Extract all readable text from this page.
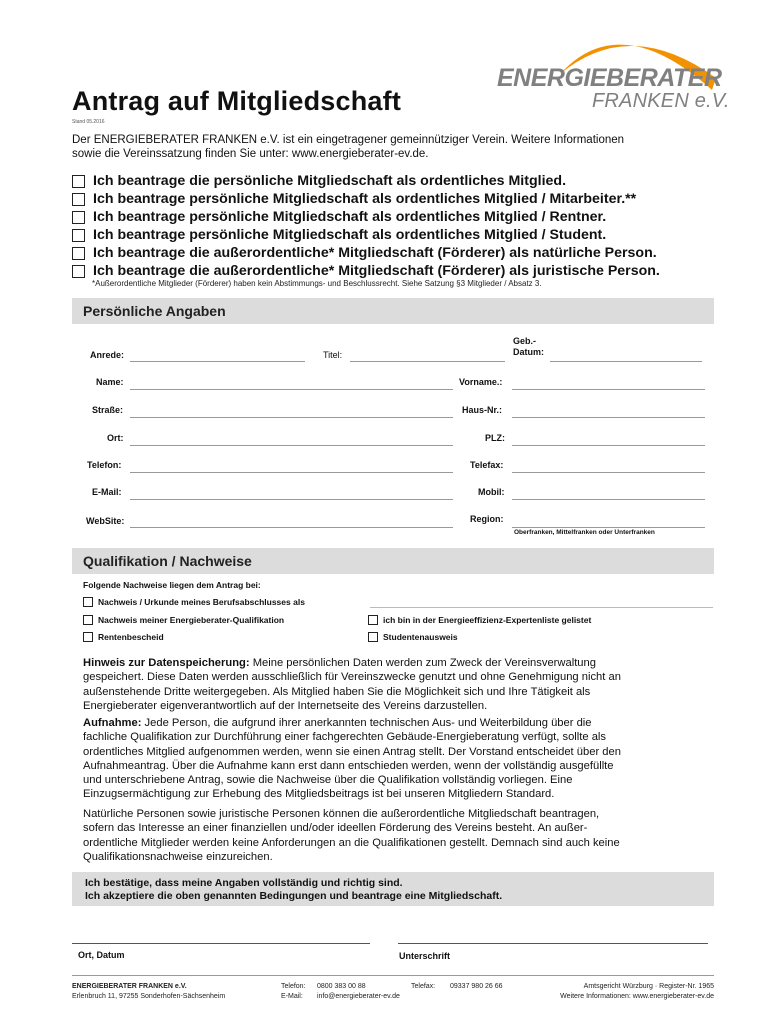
Antrag auf Mitgliedschaft
Stand 05.2016
ENERGIEBERATER
FRANKEN e.V.
Der ENERGIEBERATER FRANKEN e.V. ist ein eingetragener gemeinnütziger Verein. Weitere Informationen
sowie die Vereinssatzung finden Sie unter: www.energieberater-ev.de.
Ich beantrage die persönliche Mitgliedschaft als ordentliches Mitglied.
Ich beantrage persönliche Mitgliedschaft als ordentliches Mitglied / Mitarbeiter.**
Ich beantrage persönliche Mitgliedschaft als ordentliches Mitglied / Rentner.
Ich beantrage persönliche Mitgliedschaft als ordentliches Mitglied / Student.
Ich beantrage die außerordentliche* Mitgliedschaft (Förderer) als natürliche Person.
Ich beantrage die außerordentliche* Mitgliedschaft (Förderer) als juristische Person.
*Außerordentliche Mitglieder (Förderer) haben kein Abstimmungs- und Beschlussrecht. Siehe Satzung §3 Mitglieder / Absatz 3.
Persönliche Angaben
Anrede:	Titel:
Geb.-
Datum:
Name:	Vorname.:
Straße:	Haus-Nr.:
Ort:	PLZ:
Telefon:	Telefax:
E-Mail:	Mobil:
WebSite:	Region:
Oberfranken, Mittelfranken oder Unterfranken
Qualifikation / Nachweise
Folgende Nachweise liegen dem Antrag bei:
Nachweis / Urkunde meines Berufsabschlusses als
Nachweis meiner Energieberater-Qualifikation	ich bin in der Energieeffizienz-Expertenliste gelistet
Rentenbescheid	Studentenausweis
Hinweis zur Datenspeicherung: Meine persönlichen Daten werden zum Zweck der Vereinsverwaltung
gespeichert. Diese Daten werden ausschließlich für Vereinszwecke genutzt und ohne Genehmigung nicht an
außenstehende Dritte weitergegeben. Als Mitglied haben Sie die Möglichkeit sich und Ihre Tätigkeit als
Energieberater eigenverantwortlich auf der Internetseite des Vereins darzustellen.
Aufnahme: Jede Person, die aufgrund ihrer anerkannten technischen Aus- und Weiterbildung über die
fachliche Qualifikation zur Durchführung einer fachgerechten Gebäude-Energieberatung verfügt, sollte als
ordentliches Mitglied aufgenommen werden, wenn sie einen Antrag stellt. Der Vorstand entscheidet über den
Aufnahmeantrag. Über die Aufnahme kann erst dann entschieden werden, wenn der vollständig ausgefüllte
und unterschriebene Antrag, sowie die Nachweise über die Qualifikation vollständig vorliegen. Eine
Einzugsermächtigung zur Erhebung des Mitgliedsbeitrags ist bei unseren Mitgliedern Standard.
Natürliche Personen sowie juristische Personen können die außerordentliche Mitgliedschaft beantragen,
sofern das Interesse an einer finanziellen und/oder ideellen Förderung des Vereins besteht. An außer-
ordentliche Mitglieder werden keine Anforderungen an die Qualifikationen gestellt. Demnach sind auch keine
Qualifikationsnachweise einzureichen.
Ich bestätige, dass meine Angaben vollständig und richtig sind.
Ich akzeptiere die oben genannten Bedingungen und beantrage eine Mitgliedschaft.
Ort, Datum	Unterschrift
ENERGIEBERATER FRANKEN e.V.
Erlenbruch 11, 97255 Sonderhofen-Sächsenheim
Telefon:
E-Mail:
0800 383 00 88
info@energieberater-ev.de
Telefax: 09337 980 26 66	Amtsgericht Würzburg · Register-Nr. 1965
Weitere Informationen: www.energieberater-ev.de
